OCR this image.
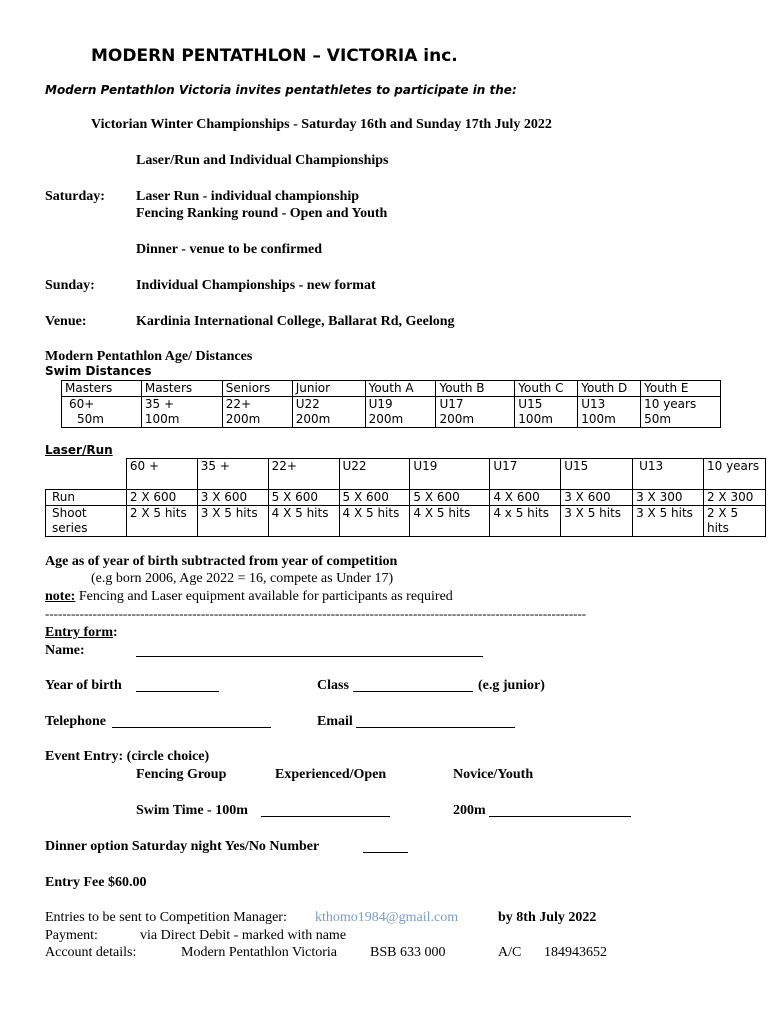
MODERN PENTATHLON – VICTORIA inc.
Modern Pentathlon Victoria invites pentathletes to participate in the:
Victorian Winter Championships - Saturday 16th and Sunday 17th July 2022
Laser/Run and Individual Championships
Saturday: Laser Run - individual championship
Fencing Ranking round - Open and Youth
Dinner - venue to be confirmed
Sunday:	Individual Championships - new format
Venue:	Kardinia International College, Ballarat Rd, Geelong
Modern Pentathlon Age/ Distances
Swim Distances
Masters	Masters	Seniors	Junior	Youth A	Youth B	Youth C	Youth D	Youth E
60+	35 +	22+	U22	U19	U17	U15	U13	10 years
50m	100m	200m	200m	200m	200m	100m	100m	50m
Laser/Run
	60 +	35 +	22+	U22	U19	U17	U15	U13	10 years
Run	2 X 600	3 X 600	5 X 600	5 X 600	5 X 600	4 X 600	3 X 600	3 X 300	2 X 300
Shoot series	2 X 5 hits	3 X 5 hits	4 X 5 hits	4 X 5 hits	4 X 5 hits	4 x 5 hits	3 X 5 hits	3 X 5 hits	2 X 5 hits
Age as of year of birth subtracted from year of competition
(e.g born 2006, Age 2022 = 16, compete as Under 17)
note: Fencing and Laser equipment available for participants as required
-----------------------------------------------------------------------------------------------------------------------------
Entry form:
Name:
Year of birth	Class	(e.g junior)
Telephone	Email
Event Entry: (circle choice)
Fencing Group	Experienced/Open	Novice/Youth
Swim Time - 100m	200m
Dinner option Saturday night Yes/No Number
Entry Fee $60.00
Entries to be sent to Competition Manager: kthomo1984@gmail.com	by 8th July 2022
Payment:	via Direct Debit - marked with name
Account details:	Modern Pentathlon Victoria BSB 633 000	A/C 184943652
